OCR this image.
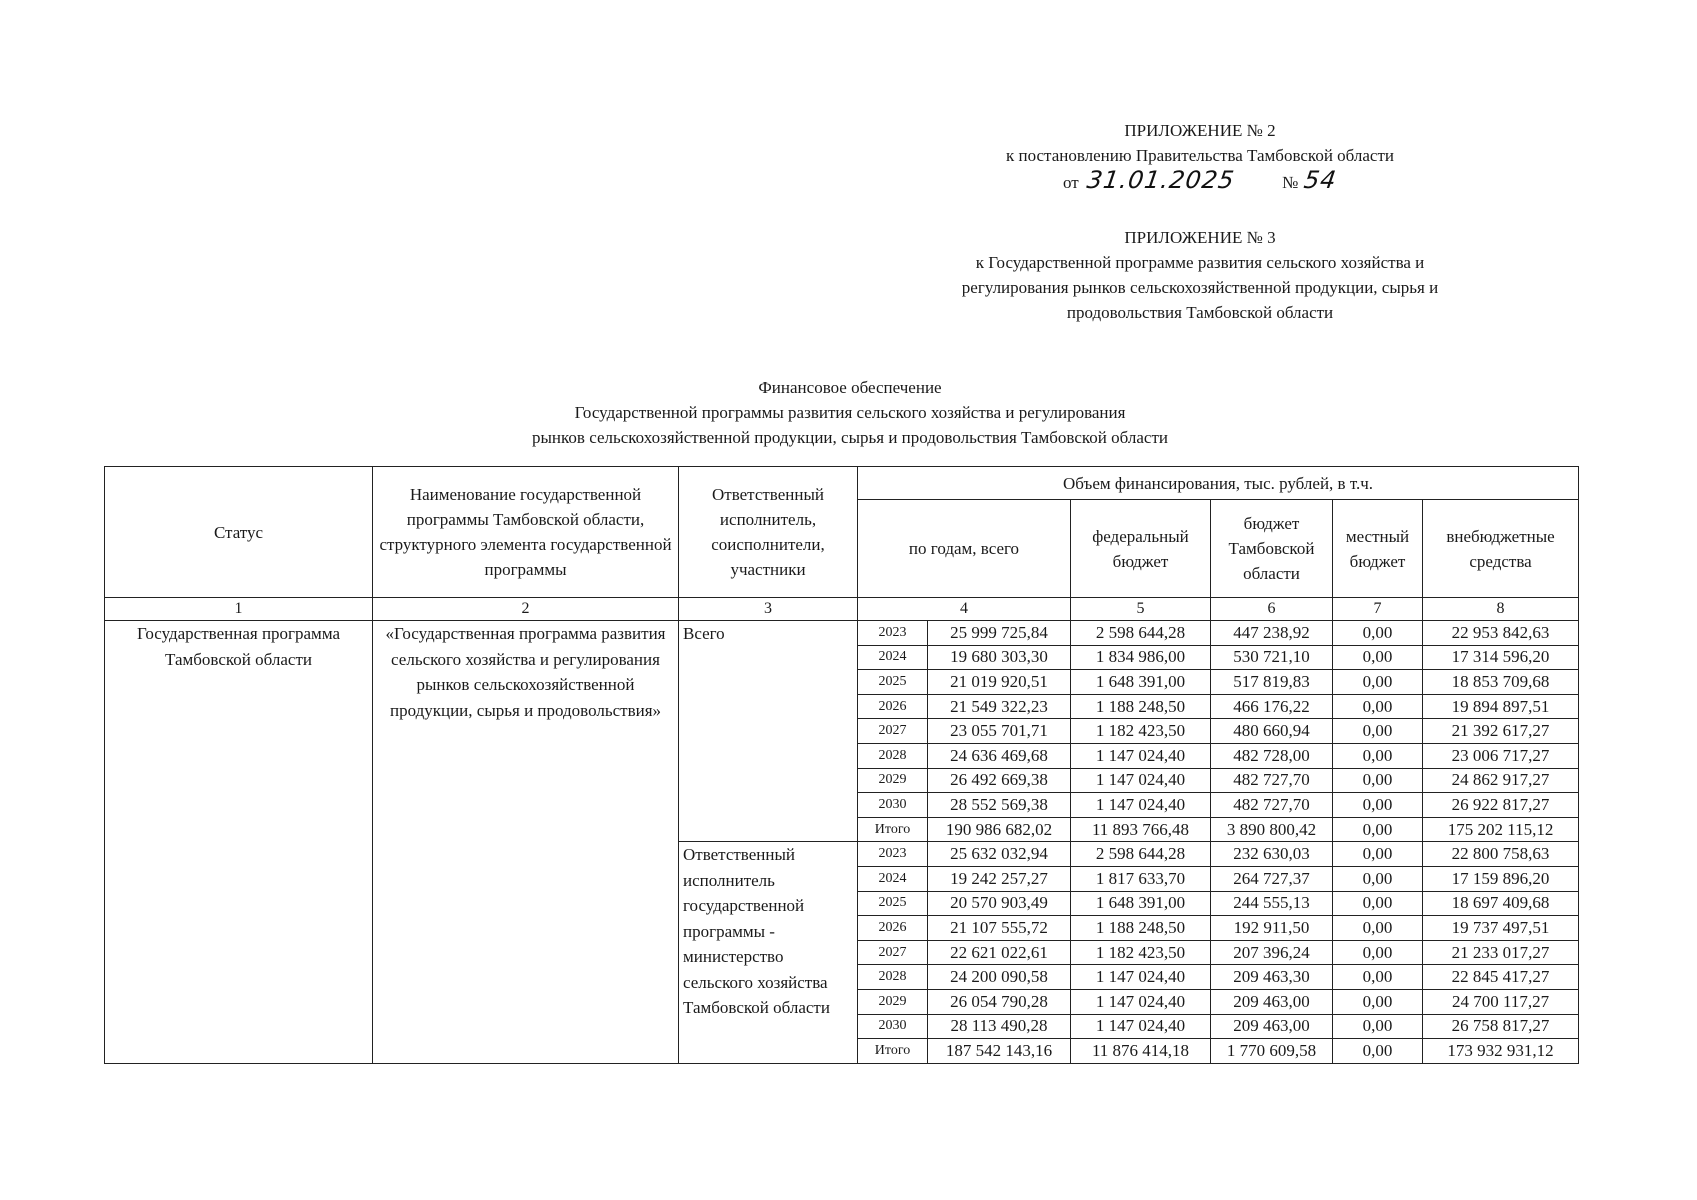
ПРИЛОЖЕНИЕ № 2
к постановлению Правительства Тамбовской области
от 31.01.2025	№ 54
ПРИЛОЖЕНИЕ № 3
к Государственной программе развития сельского хозяйства и
регулирования рынков сельскохозяйственной продукции, сырья и
продовольствия Тамбовской области
Финансовое обеспечение
Государственной программы развития сельского хозяйства и регулирования
рынков сельскохозяйственной продукции, сырья и продовольствия Тамбовской области
Статус	Наименование государственной программы Тамбовской области, структурного элемента государственной программы	Ответственный исполнитель, соисполнители, участники	Объем финансирования, тыс. рублей, в т.ч.					
			по годам, всего		федеральный бюджет	бюджет Тамбовской области	местный бюджет	внебюджетные средства
1	2	3	4		5	6	7	8
Государственная программа Тамбовской области	«Государственная программа развития сельского хозяйства и регулирования рынков сельскохозяйственной продукции, сырья и продовольствия»	Всего	2023	25 999 725,84	2 598 644,28	447 238,92	0,00	22 953 842,63
			2024	19 680 303,30	1 834 986,00	530 721,10	0,00	17 314 596,20
			2025	21 019 920,51	1 648 391,00	517 819,83	0,00	18 853 709,68
			2026	21 549 322,23	1 188 248,50	466 176,22	0,00	19 894 897,51
			2027	23 055 701,71	1 182 423,50	480 660,94	0,00	21 392 617,27
			2028	24 636 469,68	1 147 024,40	482 728,00	0,00	23 006 717,27
			2029	26 492 669,38	1 147 024,40	482 727,70	0,00	24 862 917,27
			2030	28 552 569,38	1 147 024,40	482 727,70	0,00	26 922 817,27
			Итого	190 986 682,02	11 893 766,48	3 890 800,42	0,00	175 202 115,12
		Ответственный исполнитель государственной программы - министерство сельского хозяйства Тамбовской области	2023	25 632 032,94	2 598 644,28	232 630,03	0,00	22 800 758,63
			2024	19 242 257,27	1 817 633,70	264 727,37	0,00	17 159 896,20
			2025	20 570 903,49	1 648 391,00	244 555,13	0,00	18 697 409,68
			2026	21 107 555,72	1 188 248,50	192 911,50	0,00	19 737 497,51
			2027	22 621 022,61	1 182 423,50	207 396,24	0,00	21 233 017,27
			2028	24 200 090,58	1 147 024,40	209 463,30	0,00	22 845 417,27
			2029	26 054 790,28	1 147 024,40	209 463,00	0,00	24 700 117,27
			2030	28 113 490,28	1 147 024,40	209 463,00	0,00	26 758 817,27
			Итого	187 542 143,16	11 876 414,18	1 770 609,58	0,00	173 932 931,12
